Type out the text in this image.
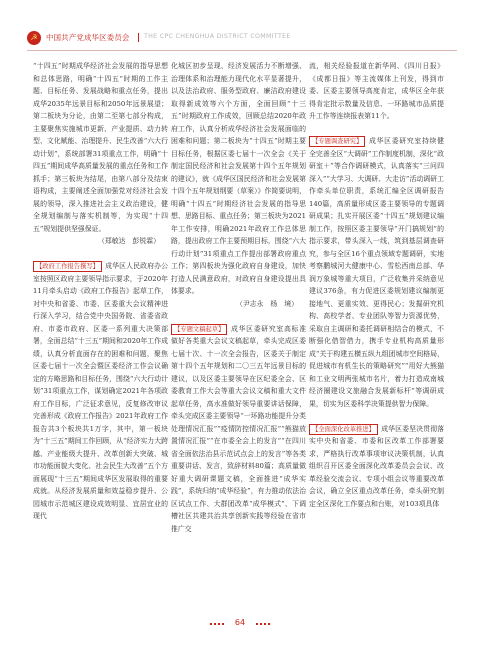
☭	中国共产党成华区委员会 THE CPC CHENGHUA DISTRICT COMMITTEE

“十四五”时期成华经济社会发展的指导思想和总体思路，明确“十四五”时期的工作主题、目标任务、发展战略和重点任务，提出成华2035年远景目标和2050年远景展望；第二板块为分论，由第二至第七部分构成，主要聚焦实施城市更新、产业提质、动力转型、文化赋能、治理提升、民生改善“六大行动计划”，系统部署31项重点工作，明确“十四五”期间成华高质量发展的重点任务和工作抓手；第三板块为结尾，由第八部分及结束语构成，主要阐述全面加强党对经济社会发展的领导，深入推进社会主义政治建设，健全规划编制与落实机制等，为实现“十四五”规划提供坚强保证。

（郑敏达　彭锐霖）

【政府工作报告撰写】 成华区人民政府办公室按照区政府主要领导指示要求，于2020年11月牵头启动《政府工作报告》起草工作，对中央和省委、市委、区委重大会议精神进行深入学习，结合党中央国务院、省委省政府、市委市政府、区委一系列重大决策部署，全面总结“十三五”期间和2020年工作成绩，认真分析直面存在的困难和问题，聚焦区委七届十一次全会暨区委经济工作会议确定的方略思路和目标任务，围绕“六大行动计划”31项重点工作，谋划确定2021年各项政府工作目标，广泛征求意见，反复修改审议完善形成《政府工作报告》2021年政府工作报告共3个板块共1万字，其中，第一板块为“十三五”期间工作回顾，从“经济实力大跨越、产业能级大提升、改革创新大突破、城市功能面貌大变化、社会民生大改善”五个方面展现“十三五”期间成华区发展取得的重要成就。从经济发展质量和效益稳步提升、公园城市示范城区建设成效明显、宜居宜业的现代

化城区初步呈现、经济发展活力不断增强、治理体系和治理能力现代化水平显著提升，以及法治政府、服务型政府、廉洁政府建设取得新成效等六个方面，全面回顾“十三五”时期政府工作成效，回顾总结2020年政府工作，认真分析成华经济社会发展面临的困难和问题；第二板块为“十四五”时期主要目标任务，根据区委七届十一次全会《关于制定国民经济和社会发展第十四个五年规划的建议》，就《成华区国民经济和社会发展第十四个五年规划纲要（草案）》作简要说明，明确“十四五”时期经济社会发展的指导思想、思路目标、重点任务；第三板块为2021年工作安排，明确2021年政府工作总体思路，提出政府工作主要预期目标，围绕“六大行动计划”31项重点工作提出部署政府重点工作；第四板块为强化政府自身建设，加快打造人民满意政府，对政府自身建设提出具体要求。

（尹志永　杨　境）

【专题文稿起草】 成华区委研究室高标准做好各类重大会议文稿起草，牵头完成区委七届十次、十一次全会报告，区委关于制定第十四个五年规划和二〇三五年远景目标的建议，以及区委主要领导在区纪委全会、区委教育工作大会等重大会议文稿和重大文件起草任务，高水准做好领导重要讲话保障，牵头完成区委主要领导“一环路功能提升分类处理情况汇报”“疫情防控情况汇报”“熊猫放置情况汇报”“在市委全会上的发言”“在四川省全面依法治县示范试点会上的发言”等各类重要讲话、发言，致辞材料80篇；高质量做好重大调研课题文稿，全面推进“成华实践”，系统归纳“成华经验”，有力推动依法治区试点工作、大群团改革“成华模式”、下调槽社区共建共治共享创新实践等经验在省市推广交

流，相关经验报道在新华网、《四川日报》《成都日报》等主流媒体上刊发，得到市委、区委主要领导高度肯定，成华区全年获得肯定批示数量及信息、一环路城市品质提升工作等连续报表第11个。

【专题调查研究】 成华区委研究室持续健全完善全区“大调研”工作制度机制，深化“政研室＋”等合作调研模式，认真落实“三问四深入”“大学习、大调研、大走访”活动调研工作牵头单位职责，系统汇编全区调研报告140篇，高质量形成区委主要领导的专题调研成果；扎实开展区委“十四五”规划建议编制工作，按照区委主要领导“开门搞规划”的指示要求，带头深入一线，筑到基层调查研究，参与全区16个重点领域专题调研，实地考察鹏城河大健康中心、雪松西南总部、华润万象城等重大项目，广泛收集并采纳意见建议376条，有力促进区委规划建议编制更接地气、更重实效、更得民心；发掘研究机构、高校学者、专业团队等智力资源优势，采取自主调研和委托调研相结合的模式，不断强化借智借力，携手专业机构高质量形成“关于构建五横五纵九组团城市空间格局，促进城市有机生长的策略研究”“用好大熊猫和工业文明两张城市名片，着力打造成南城经济圈建设文旅融合发展新标杆”等调研成果，切实为区委科学决策提供智力保障。

【全面深化改革推进】 成华区委坚决贯彻落实中央和省委、市委和区改革工作部署要求，严格执行改革事项审议决策机制，认真组织召开区委全面深化改革委员会会议、改革经验交流会议、专项小组会议等重要改革会议，确立全区重点改革任务，牵头研究制定全区深化工作要点和台账，对103项具体

64
